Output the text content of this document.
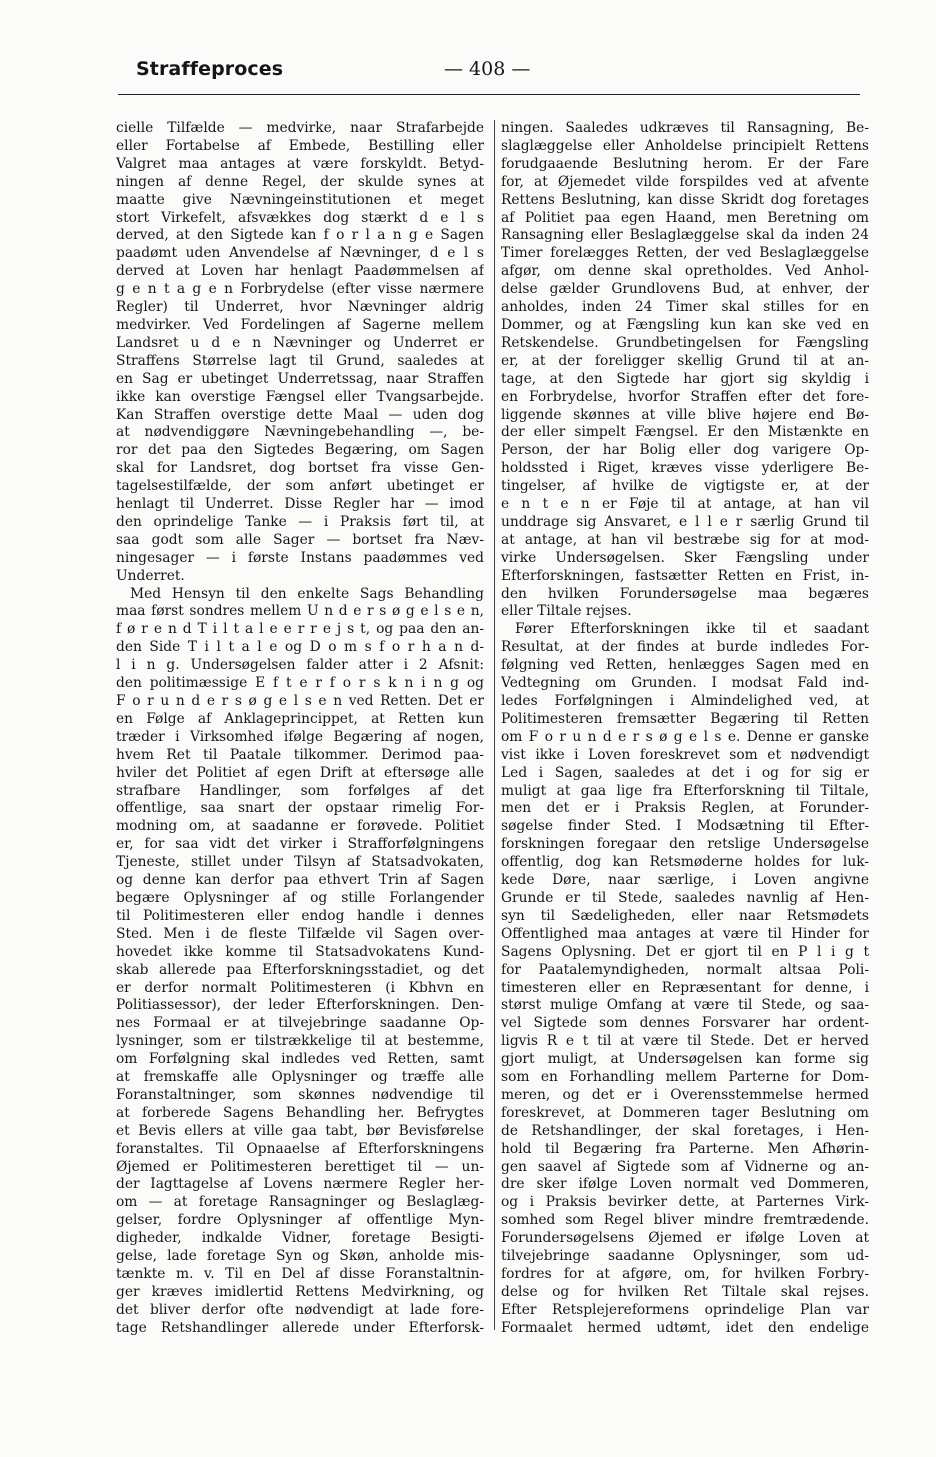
Straffeproces	— 408 —
cielle Tilfælde — medvirke, naar Strafarbejde
eller Fortabelse af Embede, Bestilling eller
Valgret maa antages at være forskyldt. Betyd-
ningen af denne Regel, der skulde synes at
maatte give Nævningeinstitutionen et meget
stort Virkefelt, afsvækkes dog stærkt d e l s
derved, at den Sigtede kan f o r l a n g e Sagen
paadømt uden Anvendelse af Nævninger, d e l s
derved at Loven har henlagt Paadømmelsen af
g e n t a g e n Forbrydelse (efter visse nærmere
Regler) til Underret, hvor Nævninger aldrig
medvirker. Ved Fordelingen af Sagerne mellem
Landsret u d e n Nævninger og Underret er
Straffens Størrelse lagt til Grund, saaledes at
en Sag er ubetinget Underretssag, naar Straffen
ikke kan overstige Fængsel eller Tvangsarbejde.
Kan Straffen overstige dette Maal — uden dog
at nødvendiggøre Nævningebehandling —, be-
ror det paa den Sigtedes Begæring, om Sagen
skal for Landsret, dog bortset fra visse Gen-
tagelsestilfælde, der som anført ubetinget er
henlagt til Underret. Disse Regler har — imod
den oprindelige Tanke — i Praksis ført til, at
saa godt som alle Sager — bortset fra Næv-
ningesager — i første Instans paadømmes ved
Underret.
Med Hensyn til den enkelte Sags Behandling
maa først sondres mellem U n d e r s ø g e l s e n,
f ø r e n d T i l t a l e e r r e j s t, og paa den an-
den Side T i l t a l e og D o m s f o r h a n d-
l i n g. Undersøgelsen falder atter i 2 Afsnit:
den politimæssige E f t e r f o r s k n i n g og
F o r u n d e r s ø g e l s e n ved Retten. Det er
en Følge af Anklageprincippet, at Retten kun
træder i Virksomhed ifølge Begæring af nogen,
hvem Ret til Paatale tilkommer. Derimod paa-
hviler det Politiet af egen Drift at eftersøge alle
strafbare Handlinger, som forfølges af det
offentlige, saa snart der opstaar rimelig For-
modning om, at saadanne er forøvede. Politiet
er, for saa vidt det virker i Strafforfølgningens
Tjeneste, stillet under Tilsyn af Statsadvokaten,
og denne kan derfor paa ethvert Trin af Sagen
begære Oplysninger af og stille Forlangender
til Politimesteren eller endog handle i dennes
Sted. Men i de fleste Tilfælde vil Sagen over-
hovedet ikke komme til Statsadvokatens Kund-
skab allerede paa Efterforskningsstadiet, og det
er derfor normalt Politimesteren (i Kbhvn en
Politiassessor), der leder Efterforskningen. Den-
nes Formaal er at tilvejebringe saadanne Op-
lysninger, som er tilstrækkelige til at bestemme,
om Forfølgning skal indledes ved Retten, samt
at fremskaffe alle Oplysninger og træffe alle
Foranstaltninger, som skønnes nødvendige til
at forberede Sagens Behandling her. Befrygtes
et Bevis ellers at ville gaa tabt, bør Bevisførelse
foranstaltes. Til Opnaaelse af Efterforskningens
Øjemed er Politimesteren berettiget til — un-
der Iagttagelse af Lovens nærmere Regler her-
om — at foretage Ransagninger og Beslaglæg-
gelser, fordre Oplysninger af offentlige Myn-
digheder, indkalde Vidner, foretage Besigti-
gelse, lade foretage Syn og Skøn, anholde mis-
tænkte m. v. Til en Del af disse Foranstaltnin-
ger kræves imidlertid Rettens Medvirkning, og
det bliver derfor ofte nødvendigt at lade fore-
tage Retshandlinger allerede under Efterforsk-
ningen. Saaledes udkræves til Ransagning, Be-
slaglæggelse eller Anholdelse principielt Rettens
forudgaaende Beslutning herom. Er der Fare
for, at Øjemedet vilde forspildes ved at afvente
Rettens Beslutning, kan disse Skridt dog foretages
af Politiet paa egen Haand, men Beretning om
Ransagning eller Beslaglæggelse skal da inden 24
Timer forelægges Retten, der ved Beslaglæggelse
afgør, om denne skal opretholdes. Ved Anhol-
delse gælder Grundlovens Bud, at enhver, der
anholdes, inden 24 Timer skal stilles for en
Dommer, og at Fængsling kun kan ske ved en
Retskendelse. Grundbetingelsen for Fængsling
er, at der foreligger skellig Grund til at an-
tage, at den Sigtede har gjort sig skyldig i
en Forbrydelse, hvorfor Straffen efter det fore-
liggende skønnes at ville blive højere end Bø-
der eller simpelt Fængsel. Er den Mistænkte en
Person, der har Bolig eller dog varigere Op-
holdssted i Riget, kræves visse yderligere Be-
tingelser, af hvilke de vigtigste er, at der
e n t e n er Føje til at antage, at han vil
unddrage sig Ansvaret, e l l e r særlig Grund til
at antage, at han vil bestræbe sig for at mod-
virke Undersøgelsen. Sker Fængsling under
Efterforskningen, fastsætter Retten en Frist, in-
den hvilken Forundersøgelse maa begæres
eller Tiltale rejses.
Fører Efterforskningen ikke til et saadant
Resultat, at der findes at burde indledes For-
følgning ved Retten, henlægges Sagen med en
Vedtegning om Grunden. I modsat Fald ind-
ledes Forfølgningen i Almindelighed ved, at
Politimesteren fremsætter Begæring til Retten
om F o r u n d e r s ø g e l s e. Denne er ganske
vist ikke i Loven foreskrevet som et nødvendigt
Led i Sagen, saaledes at det i og for sig er
muligt at gaa lige fra Efterforskning til Tiltale,
men det er i Praksis Reglen, at Forunder-
søgelse finder Sted. I Modsætning til Efter-
forskningen foregaar den retslige Undersøgelse
offentlig, dog kan Retsmøderne holdes for luk-
kede Døre, naar særlige, i Loven angivne
Grunde er til Stede, saaledes navnlig af Hen-
syn til Sædeligheden, eller naar Retsmødets
Offentlighed maa antages at være til Hinder for
Sagens Oplysning. Det er gjort til en P l i g t
for Paatalemyndigheden, normalt altsaa Poli-
timesteren eller en Repræsentant for denne, i
størst mulige Omfang at være til Stede, og saa-
vel Sigtede som dennes Forsvarer har ordent-
ligvis R e t til at være til Stede. Det er herved
gjort muligt, at Undersøgelsen kan forme sig
som en Forhandling mellem Parterne for Dom-
meren, og det er i Overensstemmelse hermed
foreskrevet, at Dommeren tager Beslutning om
de Retshandlinger, der skal foretages, i Hen-
hold til Begæring fra Parterne. Men Afhørin-
gen saavel af Sigtede som af Vidnerne og an-
dre sker ifølge Loven normalt ved Dommeren,
og i Praksis bevirker dette, at Parternes Virk-
somhed som Regel bliver mindre fremtrædende.
Forundersøgelsens Øjemed er ifølge Loven at
tilvejebringe saadanne Oplysninger, som ud-
fordres for at afgøre, om, for hvilken Forbry-
delse og for hvilken Ret Tiltale skal rejses.
Efter Retsplejereformens oprindelige Plan var
Formaalet hermed udtømt, idet den endelige
